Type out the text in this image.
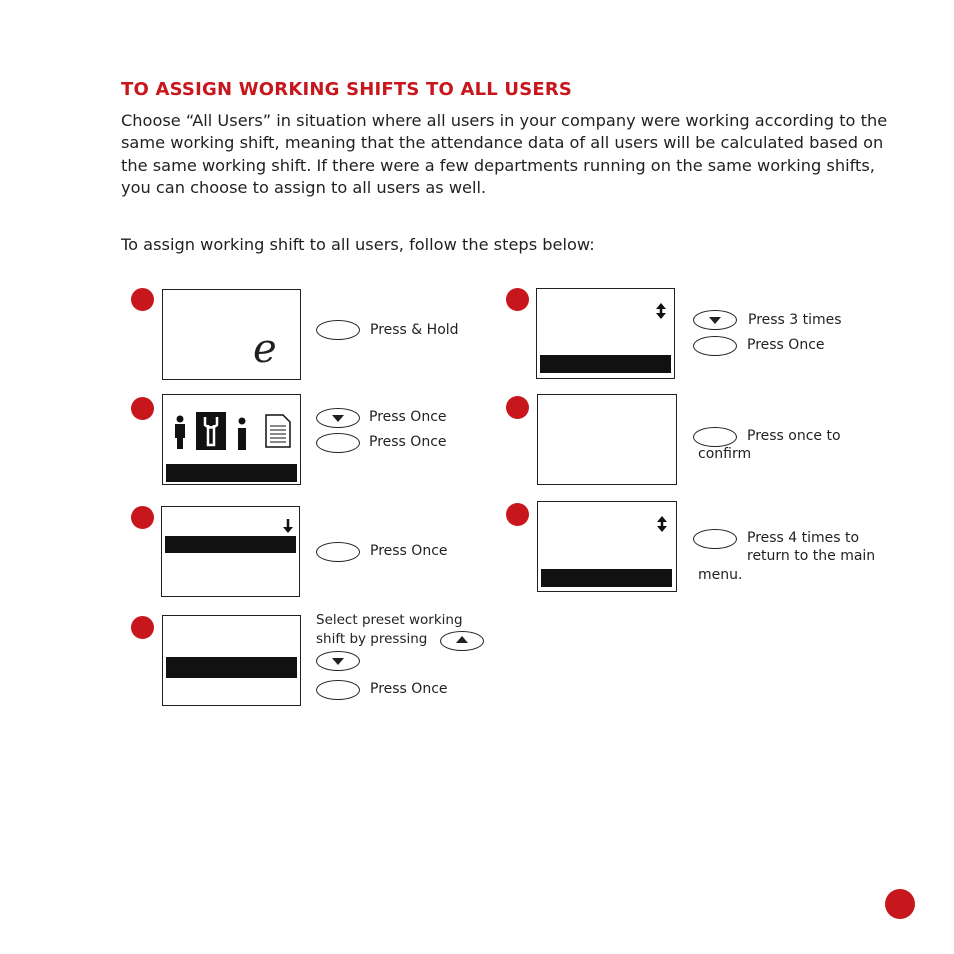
TO ASSIGN WORKING SHIFTS TO ALL USERS

Choose “All Users” in situation where all users in your company were working according to the same working shift, meaning that the attendance data of all users will be calculated based on the same working shift. If there were a few departments running on the same working shifts, you can choose to assign to all users as well.

To assign working shift to all users, follow the steps below:
e	Press & Hold
Press Once
Press Once
Press Once
Select preset working
shift by pressing
Press Once
Press 3 times
Press Once
Press once to
confirm
Press 4 times to
return to the main
menu.
